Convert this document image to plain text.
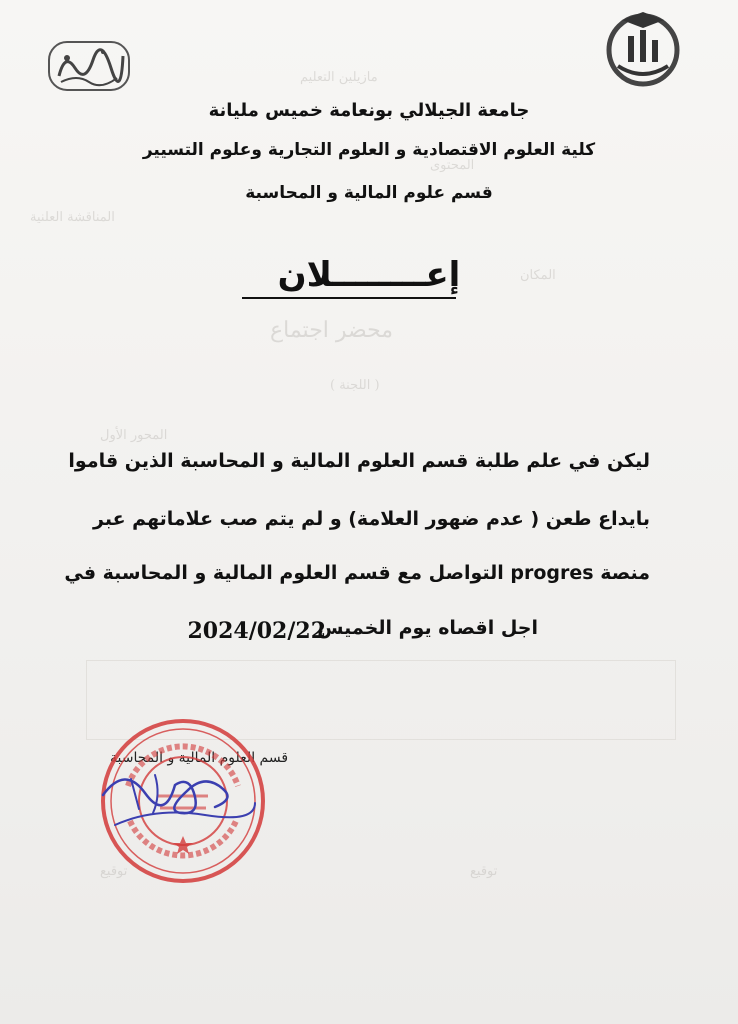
مازيلين التعليم
المحتوى
المناقشة العلنية
المكان
محضر اجتماع
( اللجنة )
المحور الأول
توقيع
توقيع
جامعة الجيلالي بونعامة خميس مليانة
كلية العلوم الاقتصادية و العلوم التجارية وعلوم التسيير
قسم علوم المالية و المحاسبة
إعــــــــلان
ليكن في علم طلبة قسم العلوم المالية و المحاسبة الذين قاموا
بايداع طعن ( عدم ضهور العلامة) و لم يتم صب علاماتهم عبر
منصة progres التواصل مع قسم العلوم المالية و المحاسبة في
اجل اقصاه يوم الخميس
2024/02/22
قسم العلوم المالية و المحاسبة
